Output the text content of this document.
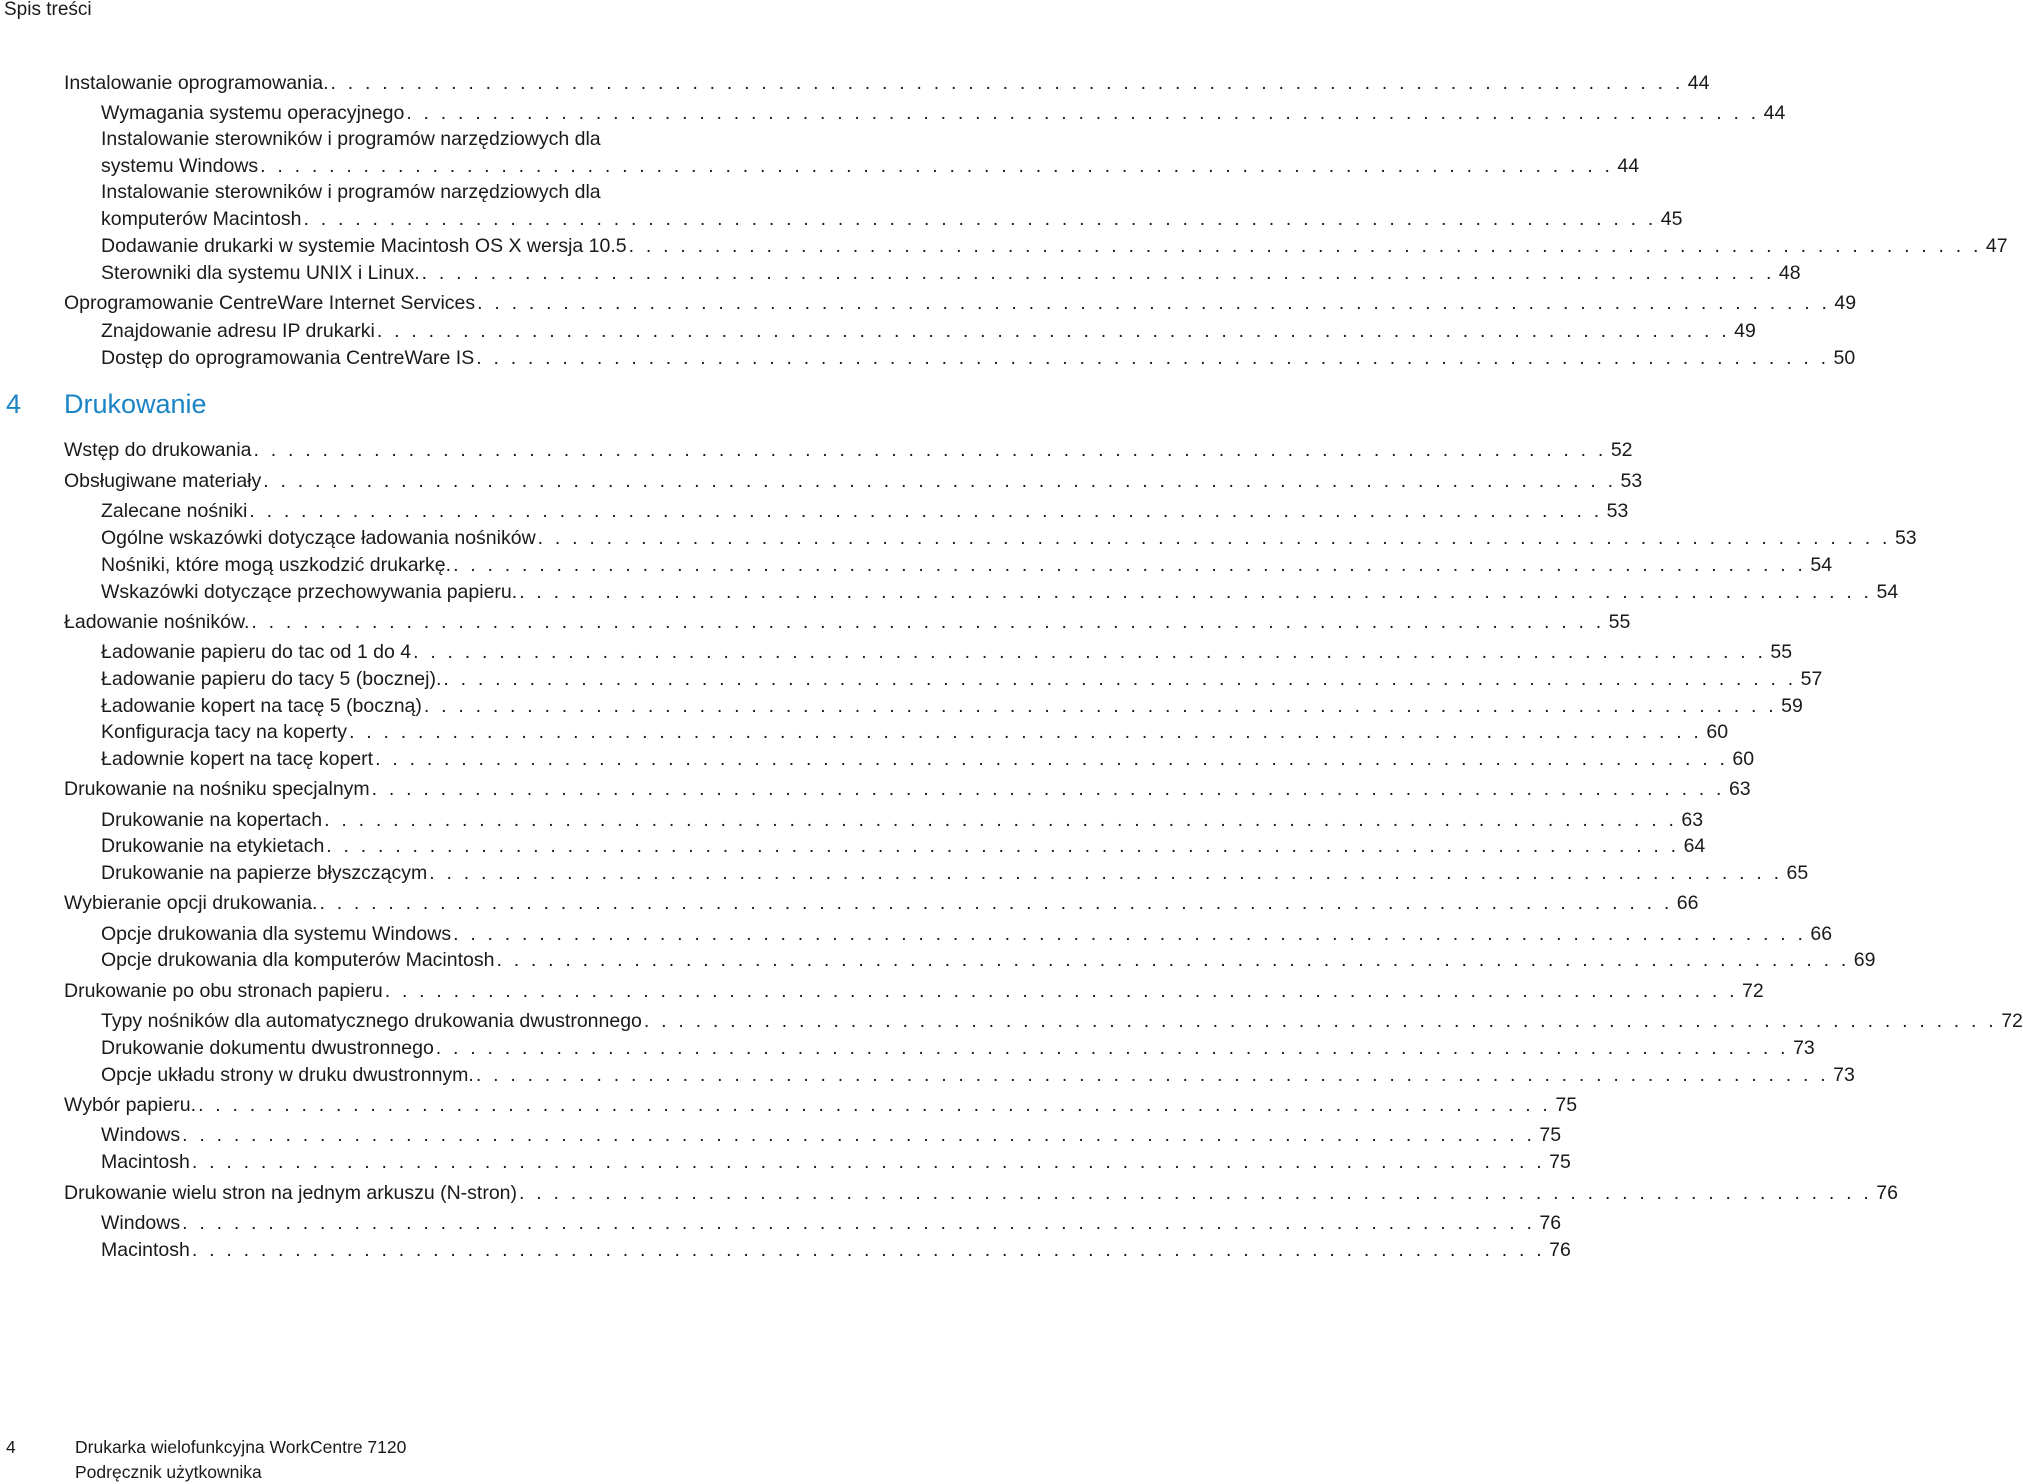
Spis treści
Instalowanie oprogramowania. . . . . . . . . . . . . . . . . . . . . . . . . . . . . . . . . . . . . . . . . . . . . . . . . . . . . . . . . . . . . . . . . . . . . . . . . . . . . . . . 44
Wymagania systemu operacyjnego . . . . . . . . . . . . . . . . . . . . . . . . . . . . . . . . . . . . . . . . . . . . . . . . . . . . . . . . . . . . . . . . . . . . . . . . . . . . . . . 44
Instalowanie sterowników i programów narzędziowych dla
systemu Windows . . . . . . . . . . . . . . . . . . . . . . . . . . . . . . . . . . . . . . . . . . . . . . . . . . . . . . . . . . . . . . . . . . . . . . . . . . . . . . . 44
Instalowanie sterowników i programów narzędziowych dla
komputerów Macintosh . . . . . . . . . . . . . . . . . . . . . . . . . . . . . . . . . . . . . . . . . . . . . . . . . . . . . . . . . . . . . . . . . . . . . . . . . . . . . . . 45
Dodawanie drukarki w systemie Macintosh OS X wersja 10.5 . . . . . . . . . . . . . . . . . . . . . . . . . . . . . . . . . . . . . . . . . . . . . . . . . . . . . . . . . . . . . . . . . . . . . . . . . . . . . . . 47
Sterowniki dla systemu UNIX i Linux. . . . . . . . . . . . . . . . . . . . . . . . . . . . . . . . . . . . . . . . . . . . . . . . . . . . . . . . . . . . . . . . . . . . . . . . . . . . . . . . 48
Oprogramowanie CentreWare Internet Services . . . . . . . . . . . . . . . . . . . . . . . . . . . . . . . . . . . . . . . . . . . . . . . . . . . . . . . . . . . . . . . . . . . . . . . . . . . . . . . 49
Znajdowanie adresu IP drukarki . . . . . . . . . . . . . . . . . . . . . . . . . . . . . . . . . . . . . . . . . . . . . . . . . . . . . . . . . . . . . . . . . . . . . . . . . . . . . . . 49
Dostęp do oprogramowania CentreWare IS . . . . . . . . . . . . . . . . . . . . . . . . . . . . . . . . . . . . . . . . . . . . . . . . . . . . . . . . . . . . . . . . . . . . . . . . . . . . . . . 50
4 Drukowanie
Wstęp do drukowania . . . . . . . . . . . . . . . . . . . . . . . . . . . . . . . . . . . . . . . . . . . . . . . . . . . . . . . . . . . . . . . . . . . . . . . . . . . . . . . 52
Obsługiwane materiały . . . . . . . . . . . . . . . . . . . . . . . . . . . . . . . . . . . . . . . . . . . . . . . . . . . . . . . . . . . . . . . . . . . . . . . . . . . . . . . 53
Zalecane nośniki . . . . . . . . . . . . . . . . . . . . . . . . . . . . . . . . . . . . . . . . . . . . . . . . . . . . . . . . . . . . . . . . . . . . . . . . . . . . . . . 53
Ogólne wskazówki dotyczące ładowania nośników . . . . . . . . . . . . . . . . . . . . . . . . . . . . . . . . . . . . . . . . . . . . . . . . . . . . . . . . . . . . . . . . . . . . . . . . . . . . . . . 53
Nośniki, które mogą uszkodzić drukarkę. . . . . . . . . . . . . . . . . . . . . . . . . . . . . . . . . . . . . . . . . . . . . . . . . . . . . . . . . . . . . . . . . . . . . . . . . . . . . . . . 54
Wskazówki dotyczące przechowywania papieru. . . . . . . . . . . . . . . . . . . . . . . . . . . . . . . . . . . . . . . . . . . . . . . . . . . . . . . . . . . . . . . . . . . . . . . . . . . . . . . . 54
Ładowanie nośników. . . . . . . . . . . . . . . . . . . . . . . . . . . . . . . . . . . . . . . . . . . . . . . . . . . . . . . . . . . . . . . . . . . . . . . . . . . . . . . . 55
Ładowanie papieru do tac od 1 do 4 . . . . . . . . . . . . . . . . . . . . . . . . . . . . . . . . . . . . . . . . . . . . . . . . . . . . . . . . . . . . . . . . . . . . . . . . . . . . . . . 55
Ładowanie papieru do tacy 5 (bocznej). . . . . . . . . . . . . . . . . . . . . . . . . . . . . . . . . . . . . . . . . . . . . . . . . . . . . . . . . . . . . . . . . . . . . . . . . . . . . . . . 57
Ładowanie kopert na tacę 5 (boczną) . . . . . . . . . . . . . . . . . . . . . . . . . . . . . . . . . . . . . . . . . . . . . . . . . . . . . . . . . . . . . . . . . . . . . . . . . . . . . . . 59
Konfiguracja tacy na koperty . . . . . . . . . . . . . . . . . . . . . . . . . . . . . . . . . . . . . . . . . . . . . . . . . . . . . . . . . . . . . . . . . . . . . . . . . . . . . . . 60
Ładownie kopert na tacę kopert . . . . . . . . . . . . . . . . . . . . . . . . . . . . . . . . . . . . . . . . . . . . . . . . . . . . . . . . . . . . . . . . . . . . . . . . . . . . . . . 60
Drukowanie na nośniku specjalnym . . . . . . . . . . . . . . . . . . . . . . . . . . . . . . . . . . . . . . . . . . . . . . . . . . . . . . . . . . . . . . . . . . . . . . . . . . . . . . . 63
Drukowanie na kopertach . . . . . . . . . . . . . . . . . . . . . . . . . . . . . . . . . . . . . . . . . . . . . . . . . . . . . . . . . . . . . . . . . . . . . . . . . . . . . . . 63
Drukowanie na etykietach . . . . . . . . . . . . . . . . . . . . . . . . . . . . . . . . . . . . . . . . . . . . . . . . . . . . . . . . . . . . . . . . . . . . . . . . . . . . . . . 64
Drukowanie na papierze błyszczącym . . . . . . . . . . . . . . . . . . . . . . . . . . . . . . . . . . . . . . . . . . . . . . . . . . . . . . . . . . . . . . . . . . . . . . . . . . . . . . . 65
Wybieranie opcji drukowania. . . . . . . . . . . . . . . . . . . . . . . . . . . . . . . . . . . . . . . . . . . . . . . . . . . . . . . . . . . . . . . . . . . . . . . . . . . . . . . . 66
Opcje drukowania dla systemu Windows . . . . . . . . . . . . . . . . . . . . . . . . . . . . . . . . . . . . . . . . . . . . . . . . . . . . . . . . . . . . . . . . . . . . . . . . . . . . . . . 66
Opcje drukowania dla komputerów Macintosh . . . . . . . . . . . . . . . . . . . . . . . . . . . . . . . . . . . . . . . . . . . . . . . . . . . . . . . . . . . . . . . . . . . . . . . . . . . . . . . 69
Drukowanie po obu stronach papieru . . . . . . . . . . . . . . . . . . . . . . . . . . . . . . . . . . . . . . . . . . . . . . . . . . . . . . . . . . . . . . . . . . . . . . . . . . . . . . . 72
Typy nośników dla automatycznego drukowania dwustronnego . . . . . . . . . . . . . . . . . . . . . . . . . . . . . . . . . . . . . . . . . . . . . . . . . . . . . . . . . . . . . . . . . . . . . . . . . . . . . . . 72
Drukowanie dokumentu dwustronnego . . . . . . . . . . . . . . . . . . . . . . . . . . . . . . . . . . . . . . . . . . . . . . . . . . . . . . . . . . . . . . . . . . . . . . . . . . . . . . . 73
Opcje układu strony w druku dwustronnym. . . . . . . . . . . . . . . . . . . . . . . . . . . . . . . . . . . . . . . . . . . . . . . . . . . . . . . . . . . . . . . . . . . . . . . . . . . . . . . . 73
Wybór papieru. . . . . . . . . . . . . . . . . . . . . . . . . . . . . . . . . . . . . . . . . . . . . . . . . . . . . . . . . . . . . . . . . . . . . . . . . . . . . . . . 75
Windows . . . . . . . . . . . . . . . . . . . . . . . . . . . . . . . . . . . . . . . . . . . . . . . . . . . . . . . . . . . . . . . . . . . . . . . . . . . . . . . 75
Macintosh . . . . . . . . . . . . . . . . . . . . . . . . . . . . . . . . . . . . . . . . . . . . . . . . . . . . . . . . . . . . . . . . . . . . . . . . . . . . . . . 75
Drukowanie wielu stron na jednym arkuszu (N-stron) . . . . . . . . . . . . . . . . . . . . . . . . . . . . . . . . . . . . . . . . . . . . . . . . . . . . . . . . . . . . . . . . . . . . . . . . . . . . . . . 76
Windows . . . . . . . . . . . . . . . . . . . . . . . . . . . . . . . . . . . . . . . . . . . . . . . . . . . . . . . . . . . . . . . . . . . . . . . . . . . . . . . 76
Macintosh . . . . . . . . . . . . . . . . . . . . . . . . . . . . . . . . . . . . . . . . . . . . . . . . . . . . . . . . . . . . . . . . . . . . . . . . . . . . . . . 76
4	Drukarka wielofunkcyjna WorkCentre 7120
Podręcznik użytkownika
